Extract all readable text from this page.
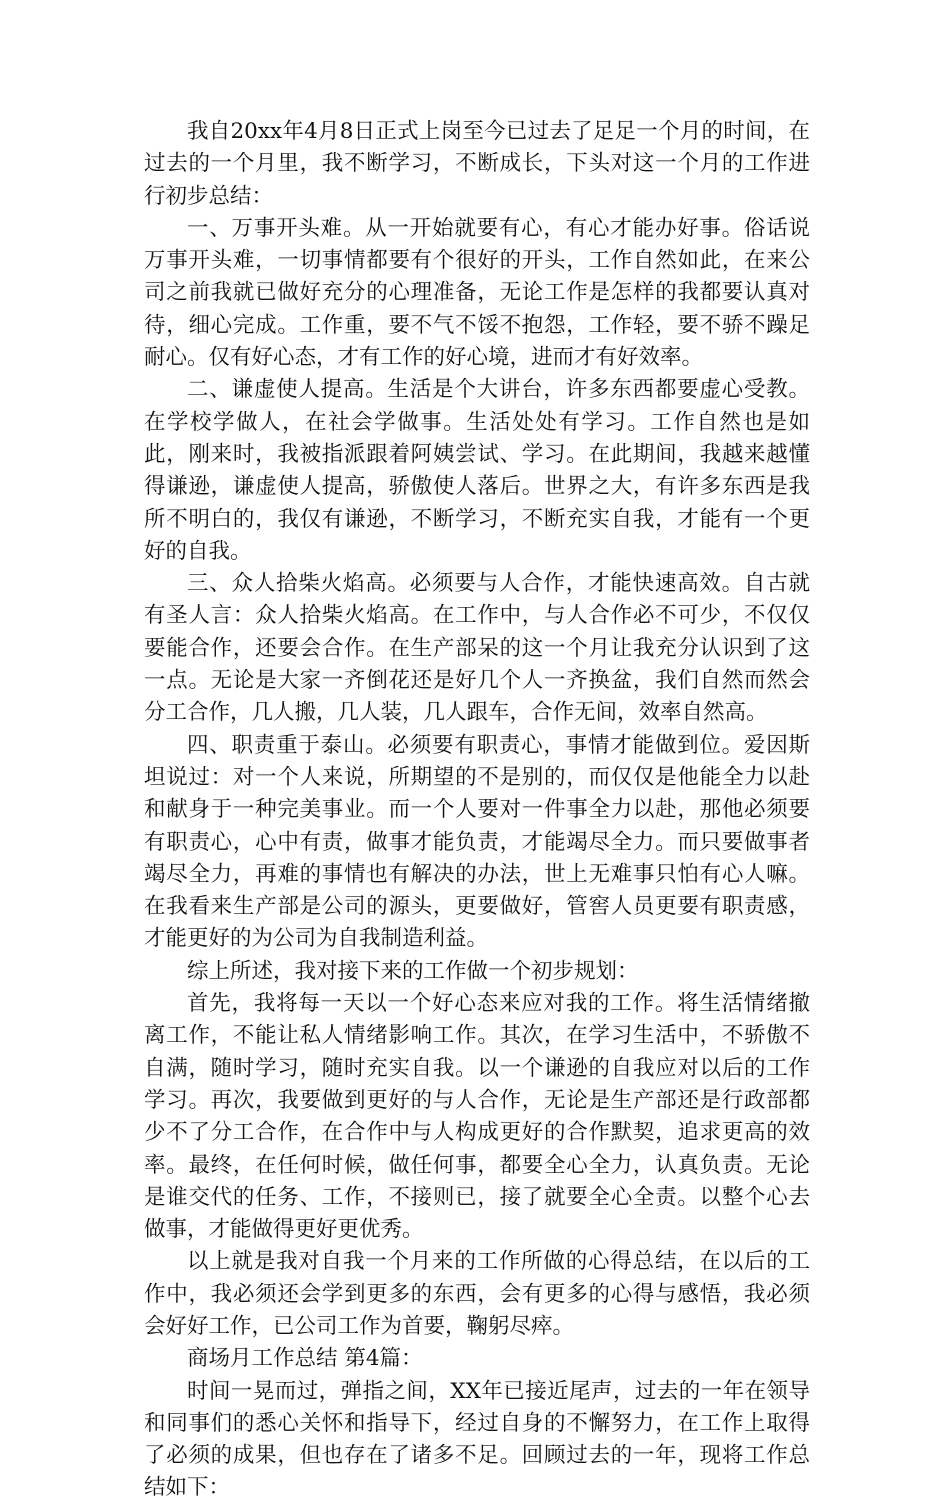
我自20xx年4月8日正式上岗至今已过去了足足一个月的时间，在过去的一个月里，我不断学习，不断成长，下头对这一个月的工作进行初步总结：

一、万事开头难。从一开始就要有心，有心才能办好事。俗话说万事开头难，一切事情都要有个很好的开头，工作自然如此，在来公司之前我就已做好充分的心理准备，无论工作是怎样的我都要认真对待，细心完成。工作重，要不气不馁不抱怨，工作轻，要不骄不躁足耐心。仅有好心态，才有工作的好心境，进而才有好效率。

二、谦虚使人提高。生活是个大讲台，许多东西都要虚心受教。在学校学做人，在社会学做事。生活处处有学习。工作自然也是如此，刚来时，我被指派跟着阿姨尝试、学习。在此期间，我越来越懂得谦逊，谦虚使人提高，骄傲使人落后。世界之大，有许多东西是我所不明白的，我仅有谦逊，不断学习，不断充实自我，才能有一个更好的自我。

三、众人拾柴火焰高。必须要与人合作，才能快速高效。自古就有圣人言：众人拾柴火焰高。在工作中，与人合作必不可少，不仅仅要能合作，还要会合作。在生产部呆的这一个月让我充分认识到了这一点。无论是大家一齐倒花还是好几个人一齐换盆，我们自然而然会分工合作，几人搬，几人装，几人跟车，合作无间，效率自然高。

四、职责重于泰山。必须要有职责心，事情才能做到位。爱因斯坦说过：对一个人来说，所期望的不是别的，而仅仅是他能全力以赴和献身于一种完美事业。而一个人要对一件事全力以赴，那他必须要有职责心，心中有责，做事才能负责，才能竭尽全力。而只要做事者竭尽全力，再难的事情也有解决的办法，世上无难事只怕有心人嘛。在我看来生产部是公司的源头，更要做好，管窖人员更要有职责感，才能更好的为公司为自我制造利益。

综上所述，我对接下来的工作做一个初步规划：

首先，我将每一天以一个好心态来应对我的工作。将生活情绪撤离工作，不能让私人情绪影响工作。其次，在学习生活中，不骄傲不自满，随时学习，随时充实自我。以一个谦逊的自我应对以后的工作学习。再次，我要做到更好的与人合作，无论是生产部还是行政部都少不了分工合作，在合作中与人构成更好的合作默契，追求更高的效率。最终，在任何时候，做任何事，都要全心全力，认真负责。无论是谁交代的任务、工作，不接则已，接了就要全心全责。以整个心去做事，才能做得更好更优秀。

以上就是我对自我一个月来的工作所做的心得总结，在以后的工作中，我必须还会学到更多的东西，会有更多的心得与感悟，我必须会好好工作，已公司工作为首要，鞠躬尽瘁。

商场月工作总结 第4篇：

时间一晃而过，弹指之间，XX年已接近尾声，过去的一年在领导和同事们的悉心关怀和指导下，经过自身的不懈努力，在工作上取得了必须的成果，但也存在了诸多不足。回顾过去的一年，现将工作总结如下：
